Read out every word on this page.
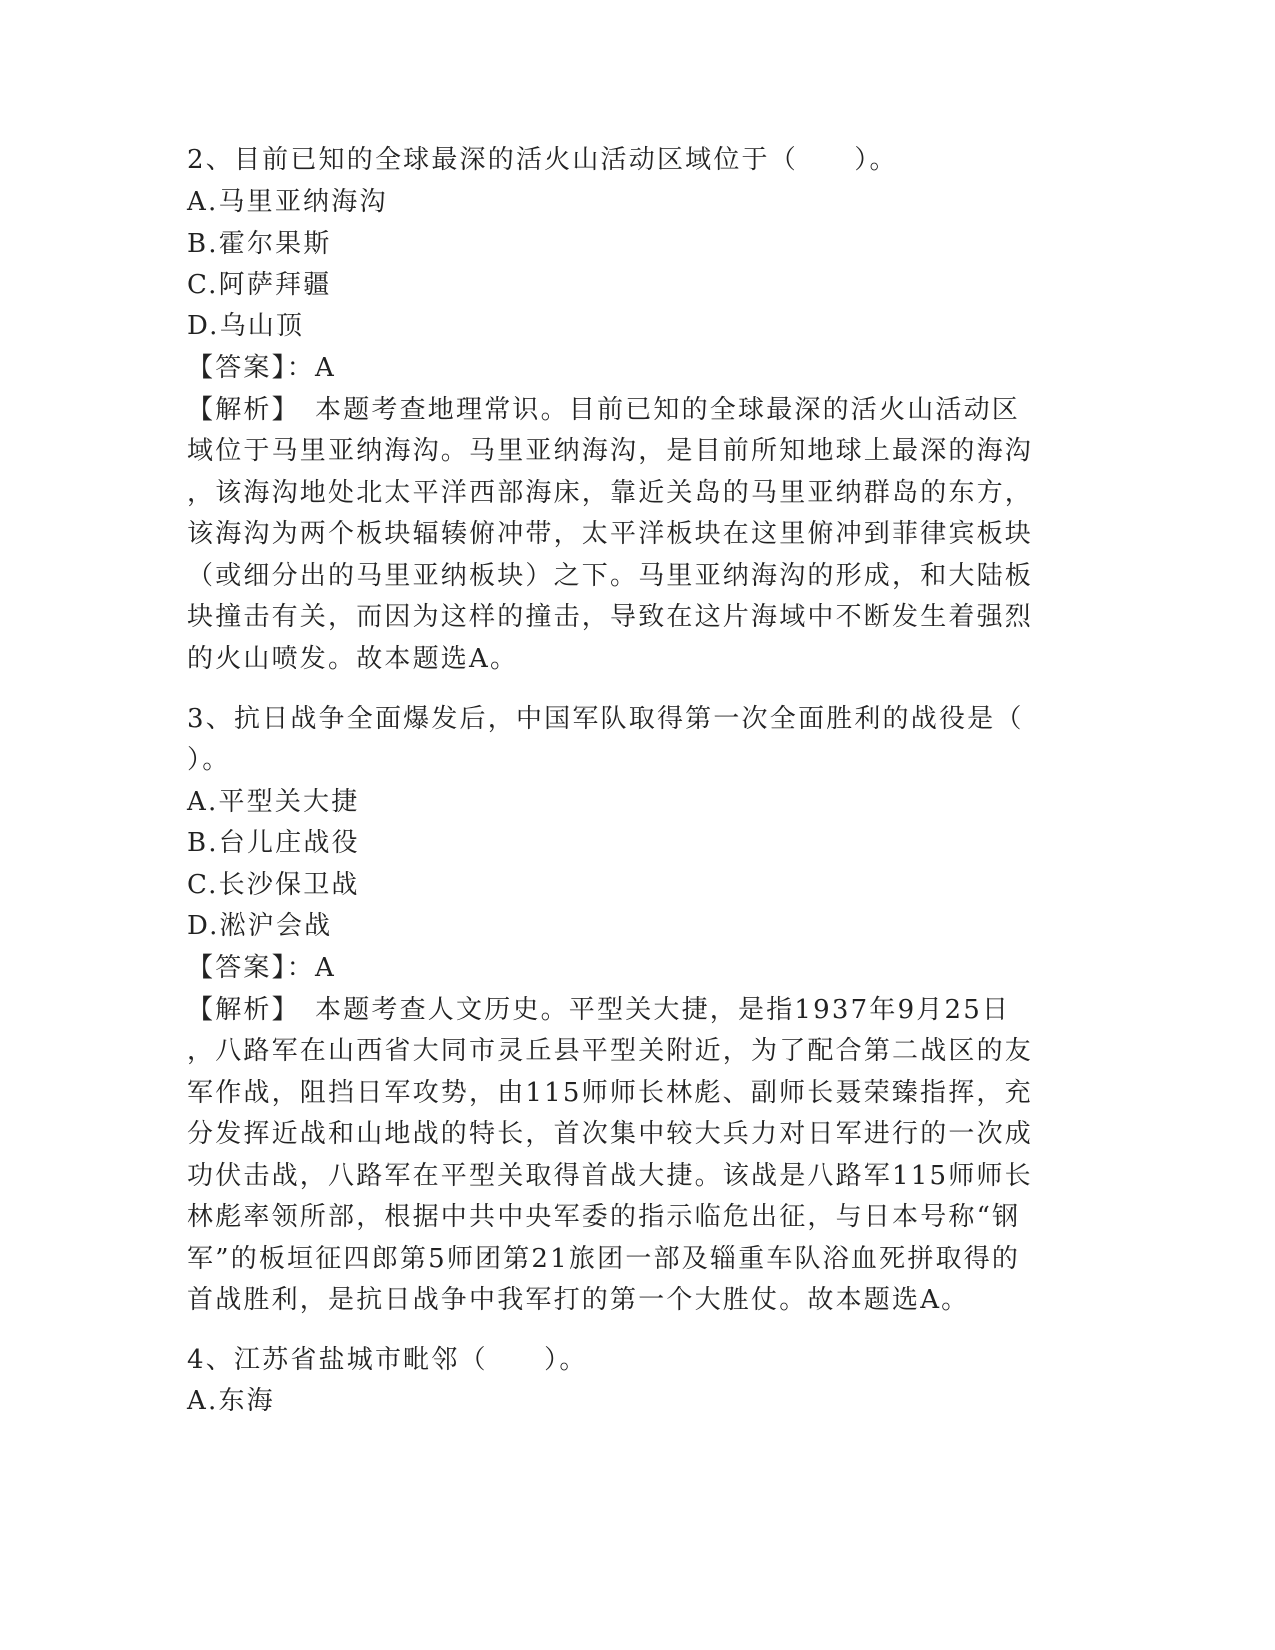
2、目前已知的全球最深的活火山活动区域位于（　　）。
A.马里亚纳海沟
B.霍尔果斯
C.阿萨拜疆
D.乌山顶
【答案】：A
【解析】　本题考查地理常识。目前已知的全球最深的活火山活动区
域位于马里亚纳海沟。马里亚纳海沟，是目前所知地球上最深的海沟
，该海沟地处北太平洋西部海床，靠近关岛的马里亚纳群岛的东方，
该海沟为两个板块辐辏俯冲带，太平洋板块在这里俯冲到菲律宾板块
（或细分出的马里亚纳板块）之下。马里亚纳海沟的形成，和大陆板
块撞击有关，而因为这样的撞击，导致在这片海域中不断发生着强烈
的火山喷发。故本题选A。
3、抗日战争全面爆发后，中国军队取得第一次全面胜利的战役是（
）。
A.平型关大捷
B.台儿庄战役
C.长沙保卫战
D.淞沪会战
【答案】：A
【解析】　本题考查人文历史。平型关大捷，是指1937年9月25日
，八路军在山西省大同市灵丘县平型关附近，为了配合第二战区的友
军作战，阻挡日军攻势，由115师师长林彪、副师长聂荣臻指挥，充
分发挥近战和山地战的特长，首次集中较大兵力对日军进行的一次成
功伏击战，八路军在平型关取得首战大捷。该战是八路军115师师长
林彪率领所部，根据中共中央军委的指示临危出征，与日本号称“钢
军”的板垣征四郎第5师团第21旅团一部及辎重车队浴血死拼取得的
首战胜利，是抗日战争中我军打的第一个大胜仗。故本题选A。
4、江苏省盐城市毗邻（　　）。
A.东海
